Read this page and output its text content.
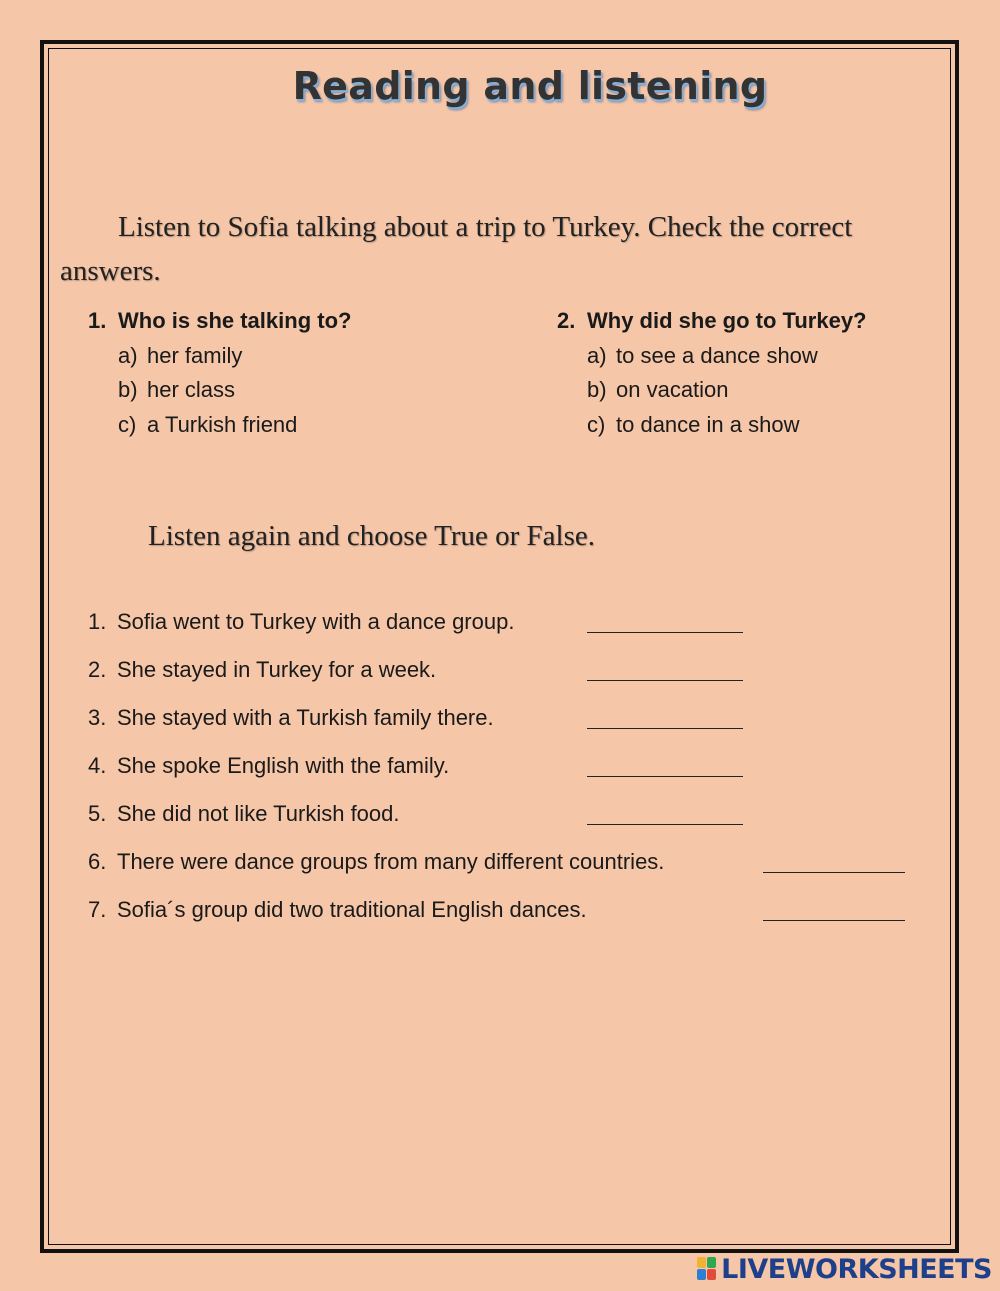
Reading and listening
Listen to Sofia talking about a trip to Turkey. Check the correct answers.
1. Who is she talking to?
a) her family
b) her class
c) a Turkish friend
2. Why did she go to Turkey?
a) to see a dance show
b) on vacation
c) to dance in a show
Listen again and choose True or False.
1. Sofia went to Turkey with a dance group.
2. She stayed in Turkey for a week.
3. She stayed with a Turkish family there.
4. She spoke English with the family.
5. She did not like Turkish food.
6. There were dance groups from many different countries.
7. Sofia´s group did two traditional English dances.
LIVEWORKSHEETS
